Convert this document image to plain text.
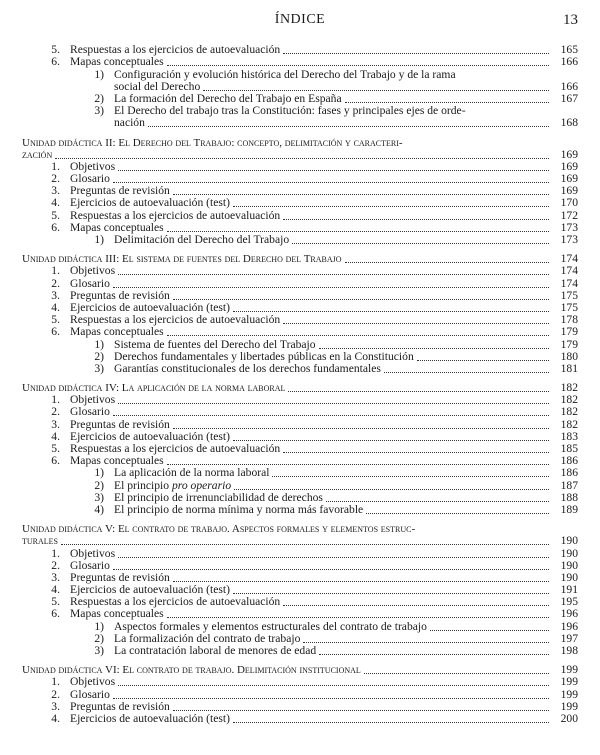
ÍNDICE	13
5. Respuestas a los ejercicios de autoevaluación	165
6. Mapas conceptuales	166
1) Configuración y evolución histórica del Derecho del Trabajo y de la rama
social del Derecho	166
2) La formación del Derecho del Trabajo en España	167
3) El Derecho del trabajo tras la Constitución: fases y principales ejes de orde-
nación	168
Unidad didáctica II: El Derecho del Trabajo: concepto, delimitación y caracteri-
zación	169
1. Objetivos	169
2. Glosario	169
3. Preguntas de revisión	169
4. Ejercicios de autoevaluación (test)	170
5. Respuestas a los ejercicios de autoevaluación	172
6. Mapas conceptuales	173
1) Delimitación del Derecho del Trabajo	173
Unidad didáctica III: El sistema de fuentes del Derecho del Trabajo	174
1. Objetivos	174
2. Glosario	174
3. Preguntas de revisión	175
4. Ejercicios de autoevaluación (test)	175
5. Respuestas a los ejercicios de autoevaluación	178
6. Mapas conceptuales	179
1) Sistema de fuentes del Derecho del Trabajo	179
2) Derechos fundamentales y libertades públicas en la Constitución	180
3) Garantías constitucionales de los derechos fundamentales	181
Unidad didáctica IV: La aplicación de la norma laboral	182
1. Objetivos	182
2. Glosario	182
3. Preguntas de revisión	182
4. Ejercicios de autoevaluación (test)	183
5. Respuestas a los ejercicios de autoevaluación	185
6. Mapas conceptuales	186
1) La aplicación de la norma laboral	186
2) El principio pro operario	187
3) El principio de irrenunciabilidad de derechos	188
4) El principio de norma mínima y norma más favorable	189
Unidad didáctica V: El contrato de trabajo. Aspectos formales y elementos estruc-
turales	190
1. Objetivos	190
2. Glosario	190
3. Preguntas de revisión	190
4. Ejercicios de autoevaluación (test)	191
5. Respuestas a los ejercicios de autoevaluación	195
6. Mapas conceptuales	196
1) Aspectos formales y elementos estructurales del contrato de trabajo	196
2) La formalización del contrato de trabajo	197
3) La contratación laboral de menores de edad	198
Unidad didáctica VI: El contrato de trabajo. Delimitación institucional	199
1. Objetivos	199
2. Glosario	199
3. Preguntas de revisión	199
4. Ejercicios de autoevaluación (test)	200
